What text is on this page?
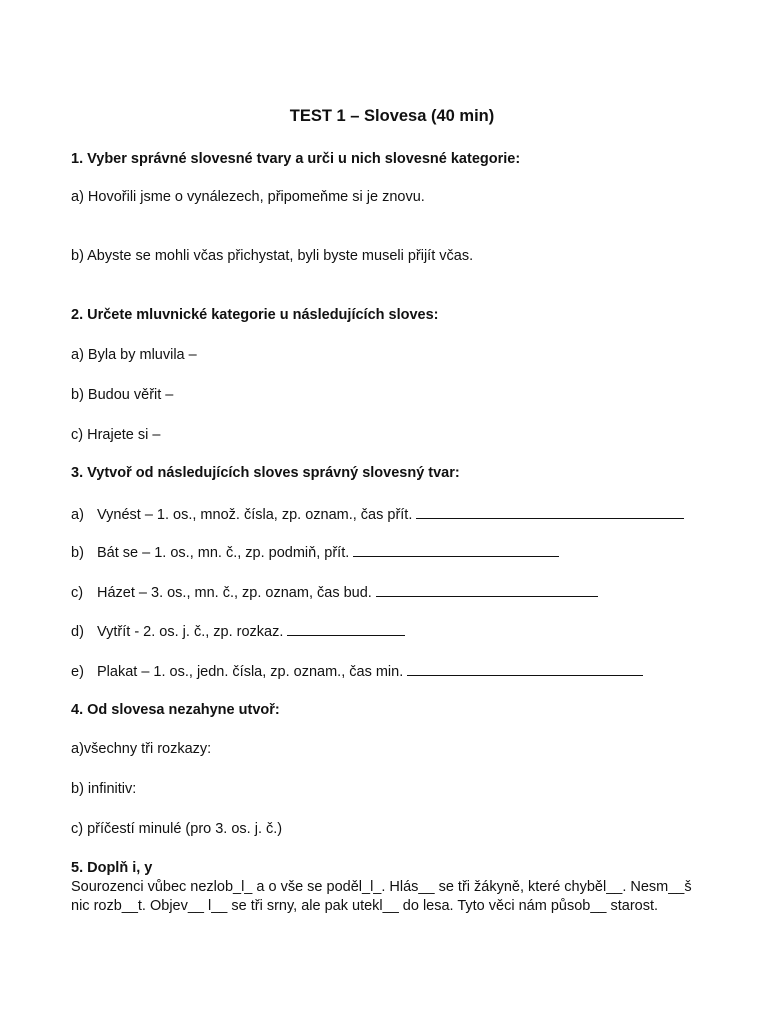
TEST 1 – Slovesa (40 min)
1. Vyber správné slovesné tvary a urči u nich slovesné kategorie:
a) Hovořili jsme o vynálezech, připomeňme si je znovu.
b) Abyste se mohli včas přichystat, byli byste museli přijít včas.
2. Určete mluvnické kategorie u následujících sloves:
a) Byla by mluvila –
b) Budou věřit –
c) Hrajete si –
3. Vytvoř od následujících sloves správný slovesný tvar:
a) Vynést – 1. os., množ. čísla, zp. oznam., čas přít.
b) Bát se – 1. os., mn. č., zp. podmiň, přít.
c) Házet – 3. os., mn. č., zp. oznam, čas bud.
d) Vytřít - 2. os. j. č., zp. rozkaz.
e) Plakat – 1. os., jedn. čísla, zp. oznam., čas min.
4. Od slovesa nezahyne utvoř:
a)všechny tři rozkazy:
b) infinitiv:
c) příčestí minulé (pro 3. os. j. č.)
5. Doplň i, y
Sourozenci vůbec nezlob_l_ a o vše se poděl_l_. Hlás__ se tři žákyně, které chyběl__. Nesm__š nic rozb__t. Objev__ l__ se tři srny, ale pak utekl__ do lesa. Tyto věci nám působ__ starost.
